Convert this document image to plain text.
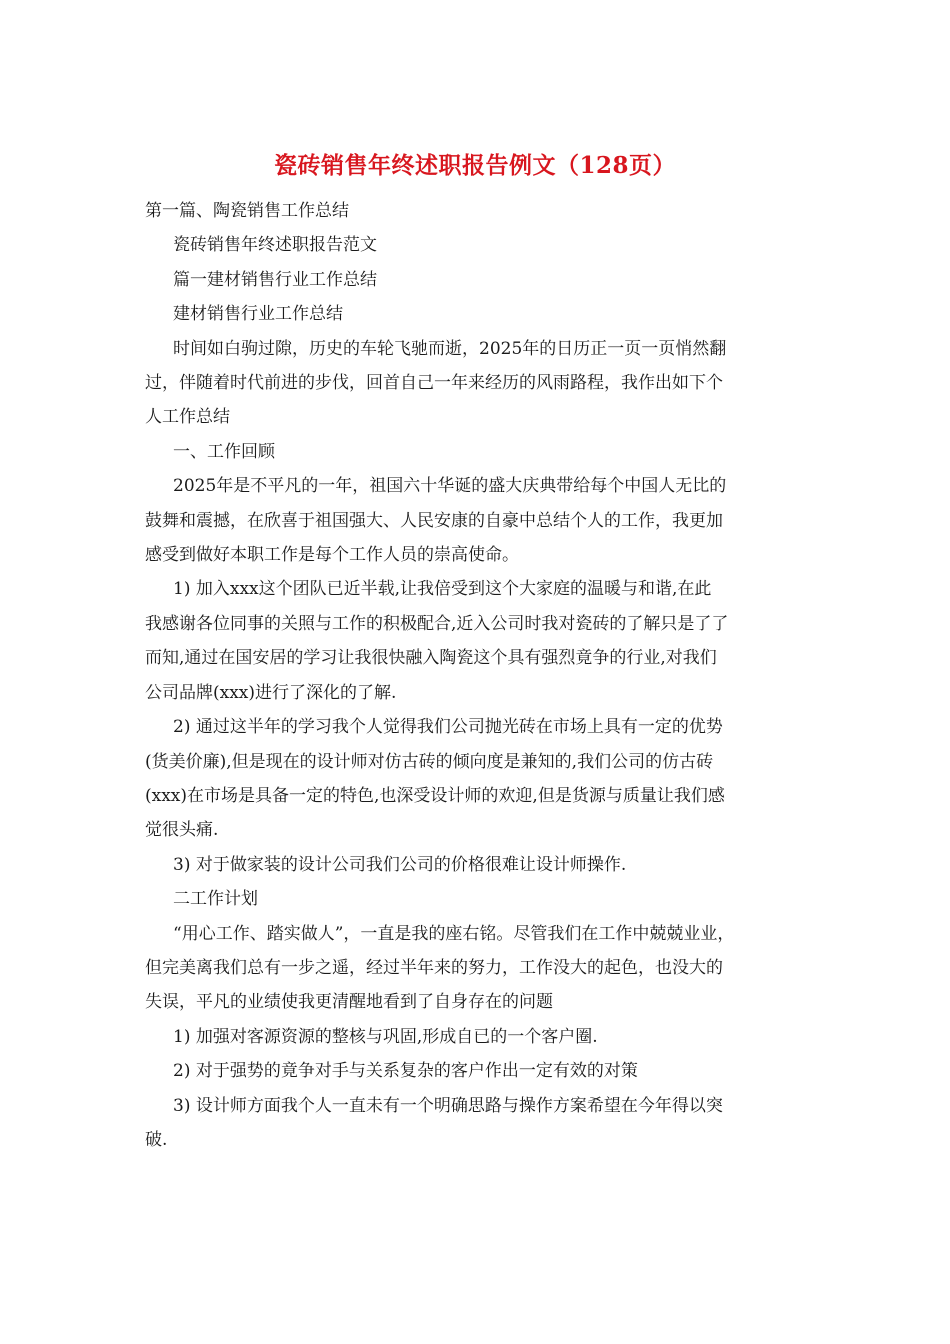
瓷砖销售年终述职报告例文（128页）

第一篇、陶瓷销售工作总结

瓷砖销售年终述职报告范文

篇一建材销售行业工作总结

建材销售行业工作总结

时间如白驹过隙，历史的车轮飞驰而逝，2025年的日历正一页一页悄然翻

过，伴随着时代前进的步伐，回首自己一年来经历的风雨路程，我作出如下个

人工作总结

一、工作回顾

2025年是不平凡的一年，祖国六十华诞的盛大庆典带给每个中国人无比的

鼓舞和震撼，在欣喜于祖国强大、人民安康的自豪中总结个人的工作，我更加

感受到做好本职工作是每个工作人员的崇高使命。

1) 加入xxx这个团队已近半载,让我倍受到这个大家庭的温暖与和谐,在此

我感谢各位同事的关照与工作的积极配合,近入公司时我对瓷砖的了解只是了了

而知,通过在国安居的学习让我很快融入陶瓷这个具有强烈竟争的行业,对我们

公司品牌(xxx)进行了深化的了解.

2) 通过这半年的学习我个人觉得我们公司抛光砖在市场上具有一定的优势

(货美价廉),但是现在的设计师对仿古砖的倾向度是兼知的,我们公司的仿古砖

(xxx)在市场是具备一定的特色,也深受设计师的欢迎,但是货源与质量让我们感

觉很头痛.

3) 对于做家装的设计公司我们公司的价格很难让设计师操作.

二工作计划

“用心工作、踏实做人”，一直是我的座右铭。尽管我们在工作中兢兢业业，

但完美离我们总有一步之遥，经过半年来的努力，工作没大的起色，也没大的

失误，平凡的业绩使我更清醒地看到了自身存在的问题

1) 加强对客源资源的整核与巩固,形成自已的一个客户圈.

2) 对于强势的竟争对手与关系复杂的客户作出一定有效的对策

3) 设计师方面我个人一直未有一个明确思路与操作方案希望在今年得以突

破.
